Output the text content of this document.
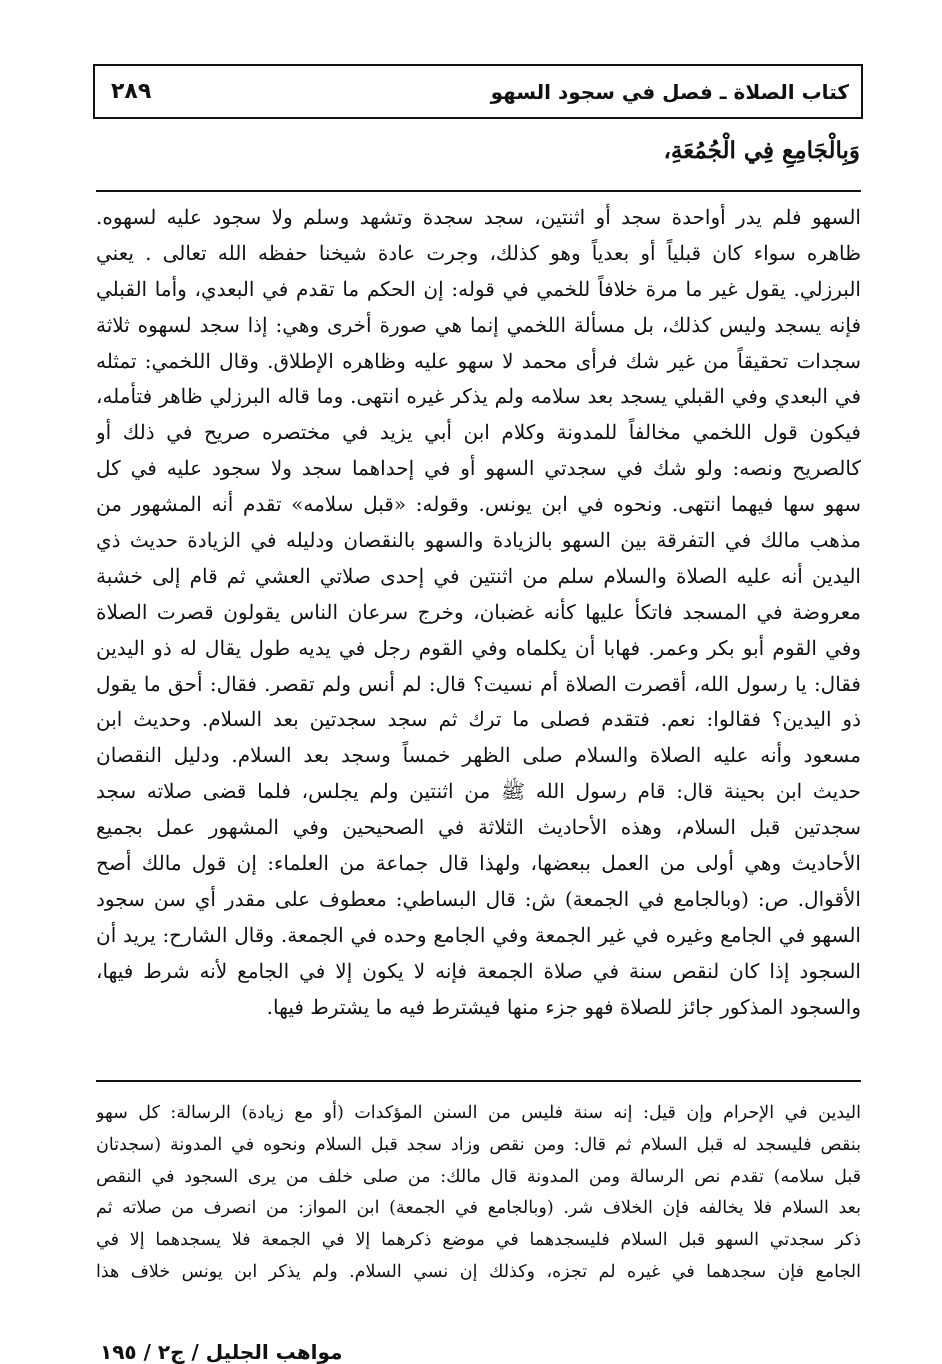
كتاب الصلاة ـ فصل في سجود السهو
٢٨٩
وَبِالْجَامِعِ فِي الْجُمُعَةِ،
السهو فلم يدر أواحدة سجد أو اثنتين، سجد سجدة وتشهد وسلم ولا سجود عليه لسهوه.
ظاهره سواء كان قبلياً أو بعدياً وهو كذلك، وجرت عادة شيخنا حفظه الله تعالى . يعني
البرزلي. يقول غير ما مرة خلافاً للخمي في قوله: إن الحكم ما تقدم في البعدي، وأما القبلي
فإنه يسجد وليس كذلك، بل مسألة اللخمي إنما هي صورة أخرى وهي: إذا سجد لسهوه ثلاثة
سجدات تحقيقاً من غير شك فرأى محمد لا سهو عليه وظاهره الإطلاق. وقال اللخمي: تمثله
في البعدي وفي القبلي يسجد بعد سلامه ولم يذكر غيره انتهى. وما قاله البرزلي ظاهر فتأمله،
فيكون قول اللخمي مخالفاً للمدونة وكلام ابن أبي يزيد في مختصره صريح في ذلك أو
كالصريح ونصه: ولو شك في سجدتي السهو أو في إحداهما سجد ولا سجود عليه في كل
سهو سها فيهما انتهى. ونحوه في ابن يونس. وقوله: «قبل سلامه» تقدم أنه المشهور من
مذهب مالك في التفرقة بين السهو بالزيادة والسهو بالنقصان ودليله في الزيادة حديث ذي
اليدين أنه عليه الصلاة والسلام سلم من اثنتين في إحدى صلاتي العشي ثم قام إلى خشبة
معروضة في المسجد فاتكأ عليها كأنه غضبان، وخرج سرعان الناس يقولون قصرت الصلاة
وفي القوم أبو بكر وعمر. فهابا أن يكلماه وفي القوم رجل في يديه طول يقال له ذو اليدين
فقال: يا رسول الله، أقصرت الصلاة أم نسيت؟ قال: لم أنس ولم تقصر. فقال: أحق ما يقول
ذو اليدين؟ فقالوا: نعم. فتقدم فصلى ما ترك ثم سجد سجدتين بعد السلام. وحديث ابن
مسعود وأنه عليه الصلاة والسلام صلى الظهر خمساً وسجد بعد السلام. ودليل النقصان
حديث ابن بحينة قال: قام رسول الله ﷺ من اثنتين ولم يجلس، فلما قضى صلاته سجد
سجدتين قبل السلام، وهذه الأحاديث الثلاثة في الصحيحين وفي المشهور عمل بجميع
الأحاديث وهي أولى من العمل ببعضها، ولهذا قال جماعة من العلماء: إن قول مالك أصح
الأقوال. ص: (وبالجامع في الجمعة) ش: قال البساطي: معطوف على مقدر أي سن سجود
السهو في الجامع وغيره في غير الجمعة وفي الجامع وحده في الجمعة. وقال الشارح: يريد أن
السجود إذا كان لنقص سنة في صلاة الجمعة فإنه لا يكون إلا في الجامع لأنه شرط فيها،
والسجود المذكور جائز للصلاة فهو جزء منها فيشترط فيه ما يشترط فيها.
اليدين في الإحرام وإن قيل: إنه سنة فليس من السنن المؤكدات (أو مع زيادة) الرسالة: كل سهو
بنقص فليسجد له قبل السلام ثم قال: ومن نقص وزاد سجد قبل السلام ونحوه في المدونة (سجدتان
قبل سلامه) تقدم نص الرسالة ومن المدونة قال مالك: من صلى خلف من يرى السجود في النقص
بعد السلام فلا يخالفه فإن الخلاف شر. (وبالجامع في الجمعة) ابن المواز: من انصرف من صلاته ثم
ذكر سجدتي السهو قبل السلام فليسجدهما في موضع ذكرهما إلا في الجمعة فلا يسجدهما إلا في
الجامع فإن سجدهما في غيره لم تجزه، وكذلك إن نسي السلام. ولم يذكر ابن يونس خلاف هذا
مواهب الجليل / ج٢ / ١٩٥
